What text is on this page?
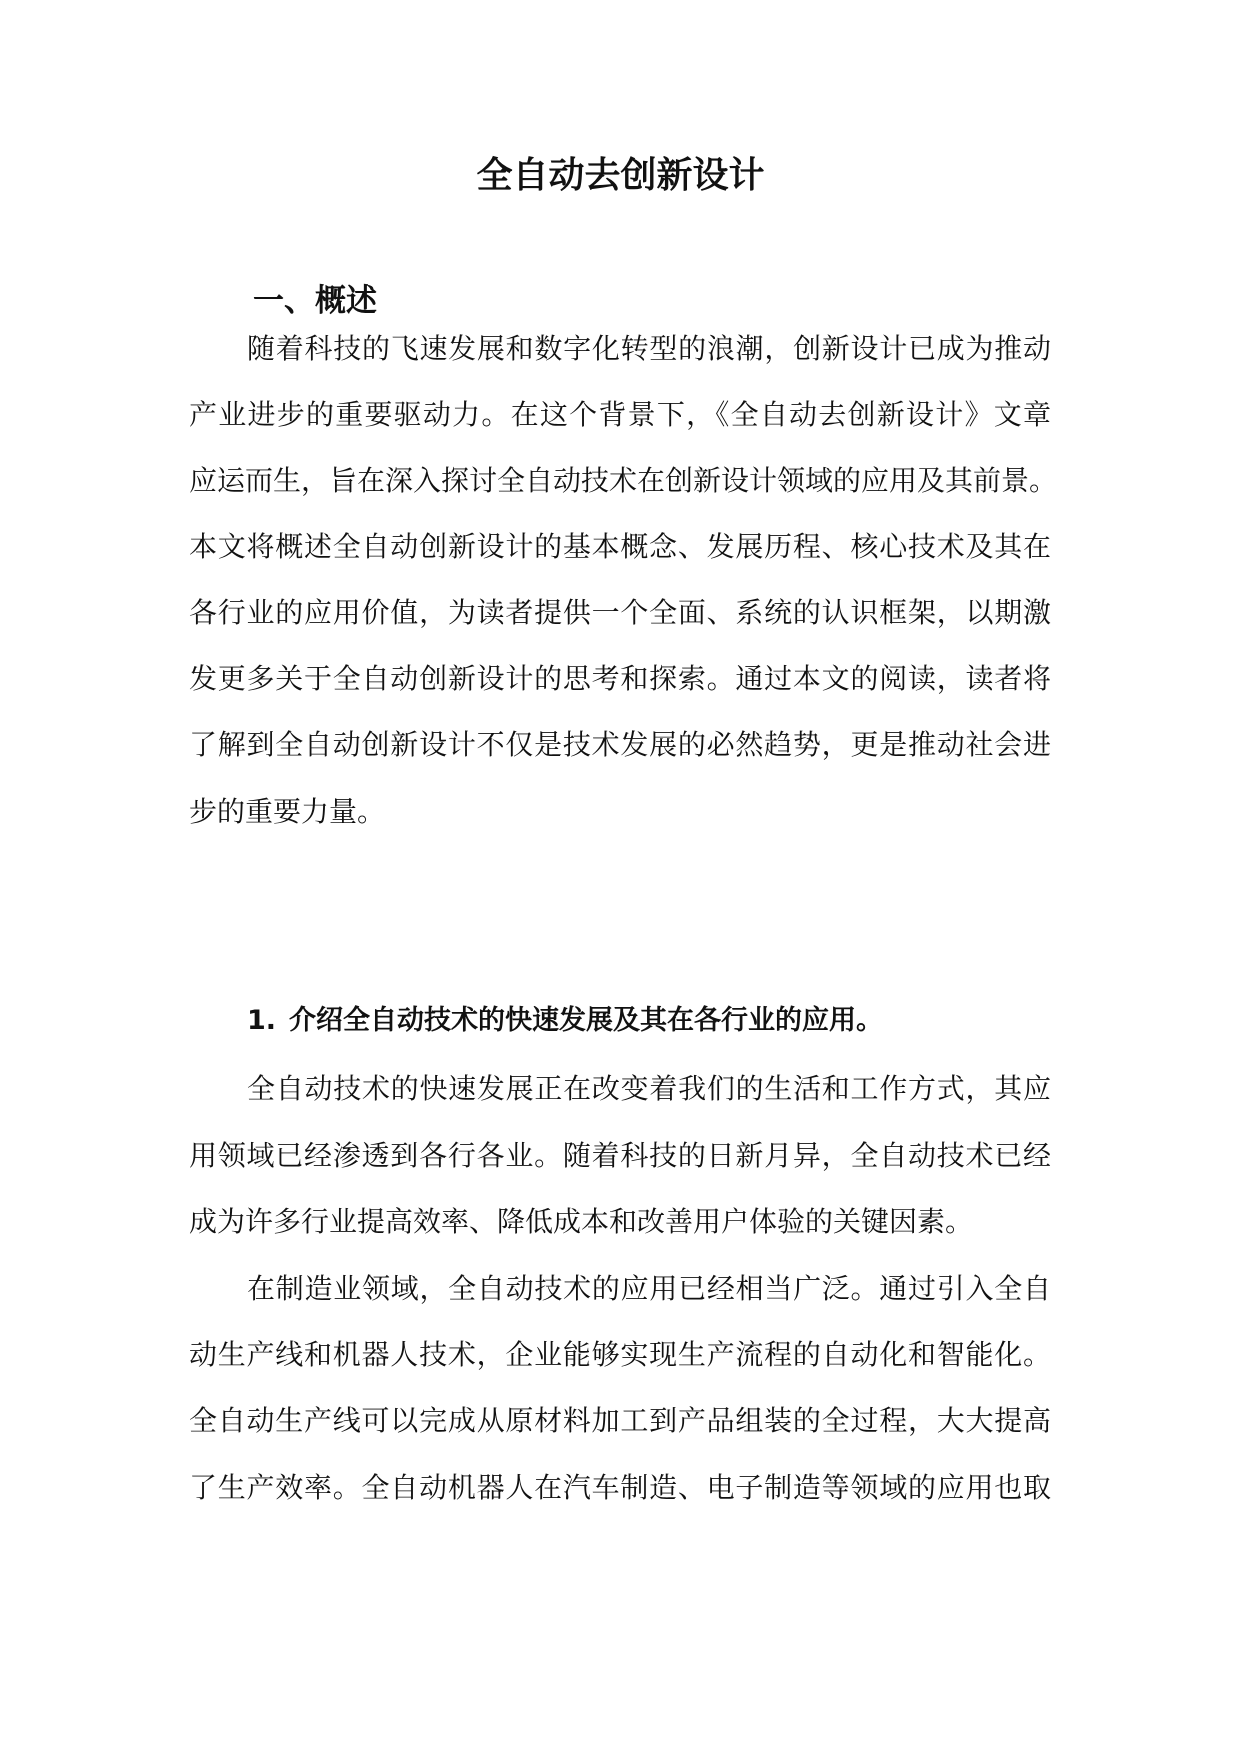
全自动去创新设计
一、概述

随着科技的飞速发展和数字化转型的浪潮，创新设计已成为推动

产业进步的重要驱动力。在这个背景下，《全自动去创新设计》文章

应运而生，旨在深入探讨全自动技术在创新设计领域的应用及其前景。

本文将概述全自动创新设计的基本概念、发展历程、核心技术及其在

各行业的应用价值，为读者提供一个全面、系统的认识框架，以期激

发更多关于全自动创新设计的思考和探索。通过本文的阅读，读者将

了解到全自动创新设计不仅是技术发展的必然趋势，更是推动社会进

步的重要力量。

1. 介绍全自动技术的快速发展及其在各行业的应用。

全自动技术的快速发展正在改变着我们的生活和工作方式，其应

用领域已经渗透到各行各业。随着科技的日新月异，全自动技术已经

成为许多行业提高效率、降低成本和改善用户体验的关键因素。

在制造业领域，全自动技术的应用已经相当广泛。通过引入全自

动生产线和机器人技术，企业能够实现生产流程的自动化和智能化。

全自动生产线可以完成从原材料加工到产品组装的全过程，大大提高

了生产效率。全自动机器人在汽车制造、电子制造等领域的应用也取
